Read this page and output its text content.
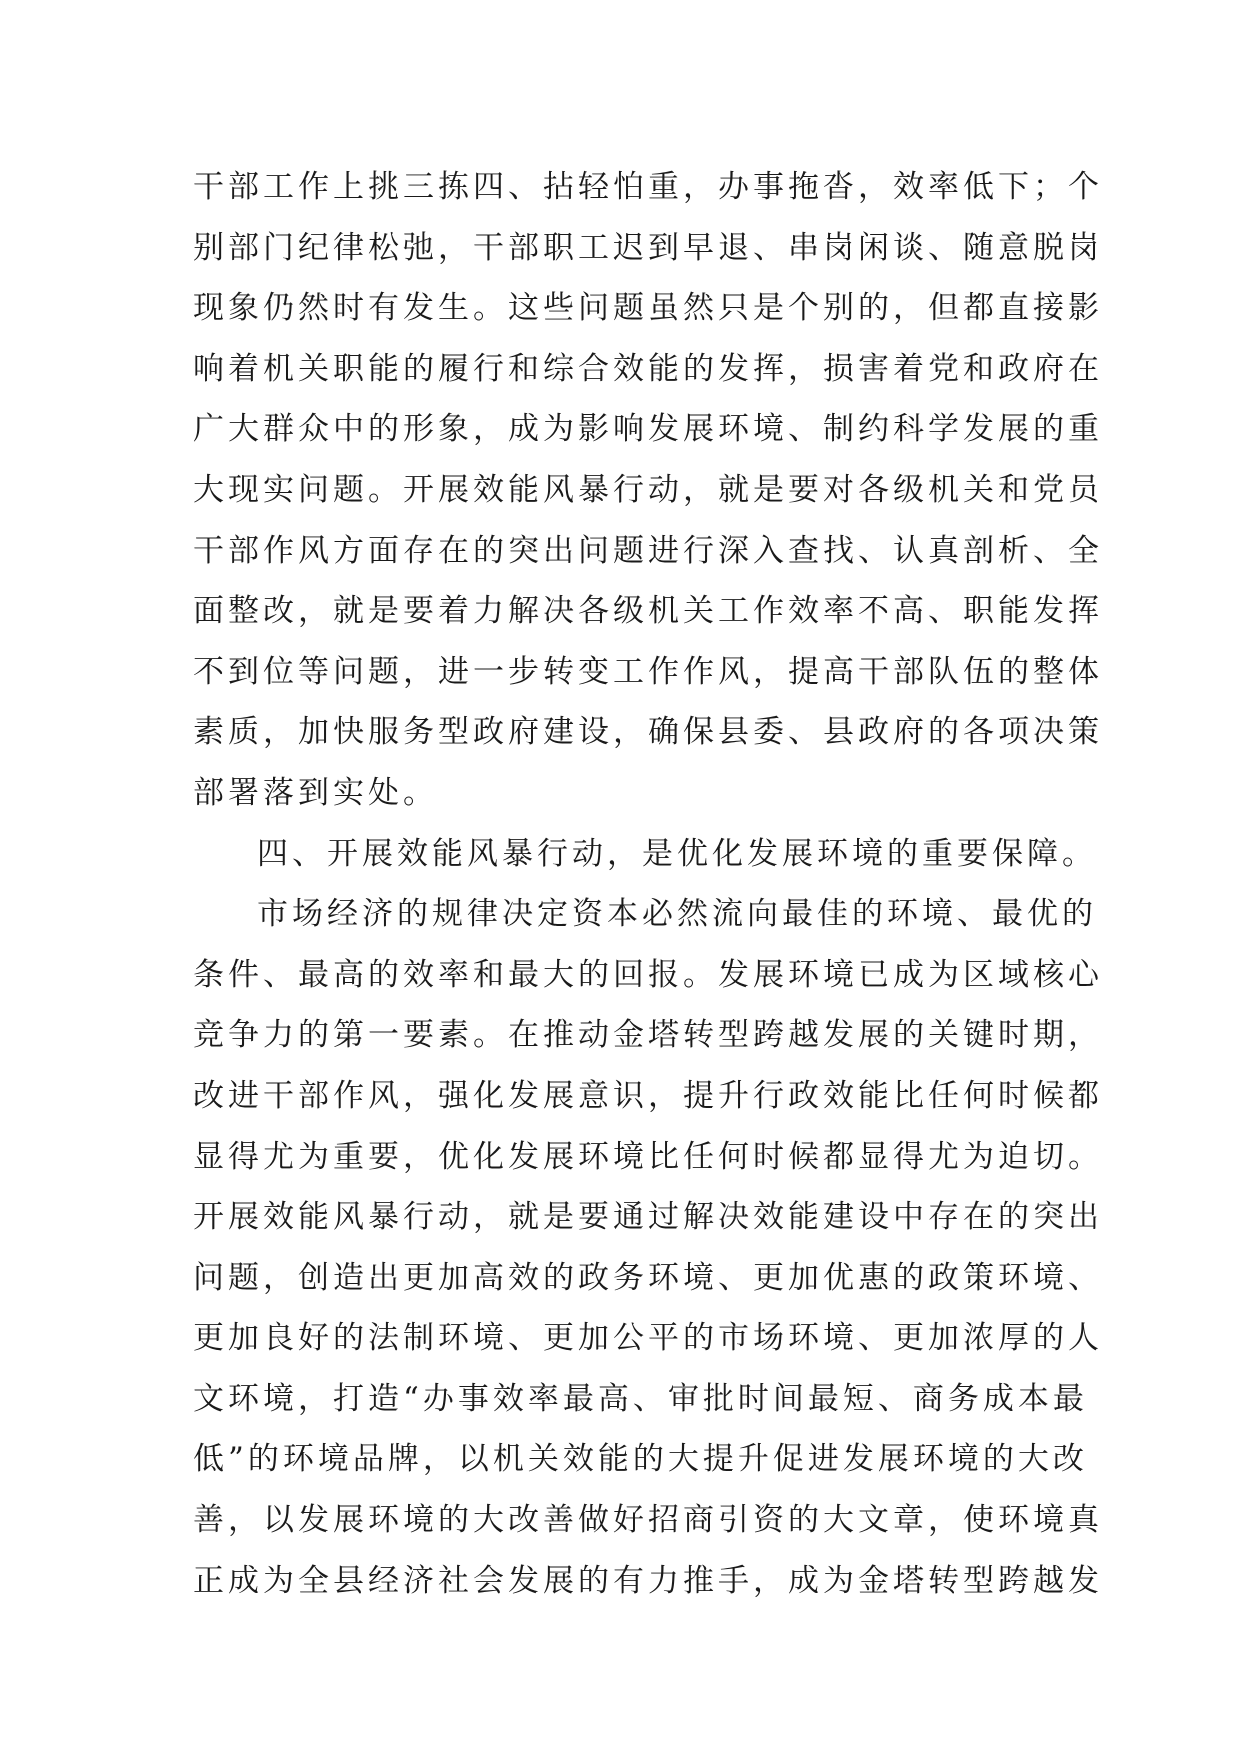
干部工作上挑三拣四、拈轻怕重，办事拖沓，效率低下；个
别部门纪律松弛，干部职工迟到早退、串岗闲谈、随意脱岗
现象仍然时有发生。这些问题虽然只是个别的，但都直接影
响着机关职能的履行和综合效能的发挥，损害着党和政府在
广大群众中的形象，成为影响发展环境、制约科学发展的重
大现实问题。开展效能风暴行动，就是要对各级机关和党员
干部作风方面存在的突出问题进行深入查找、认真剖析、全
面整改，就是要着力解决各级机关工作效率不高、职能发挥
不到位等问题，进一步转变工作作风，提高干部队伍的整体
素质，加快服务型政府建设，确保县委、县政府的各项决策
部署落到实处。
四、开展效能风暴行动，是优化发展环境的重要保障。
市场经济的规律决定资本必然流向最佳的环境、最优的
条件、最高的效率和最大的回报。发展环境已成为区域核心
竞争力的第一要素。在推动金塔转型跨越发展的关键时期，
改进干部作风，强化发展意识，提升行政效能比任何时候都
显得尤为重要，优化发展环境比任何时候都显得尤为迫切。
开展效能风暴行动，就是要通过解决效能建设中存在的突出
问题，创造出更加高效的政务环境、更加优惠的政策环境、
更加良好的法制环境、更加公平的市场环境、更加浓厚的人
文环境，打造“办事效率最高、审批时间最短、商务成本最
低”的环境品牌，以机关效能的大提升促进发展环境的大改
善，以发展环境的大改善做好招商引资的大文章，使环境真
正成为全县经济社会发展的有力推手，成为金塔转型跨越发
